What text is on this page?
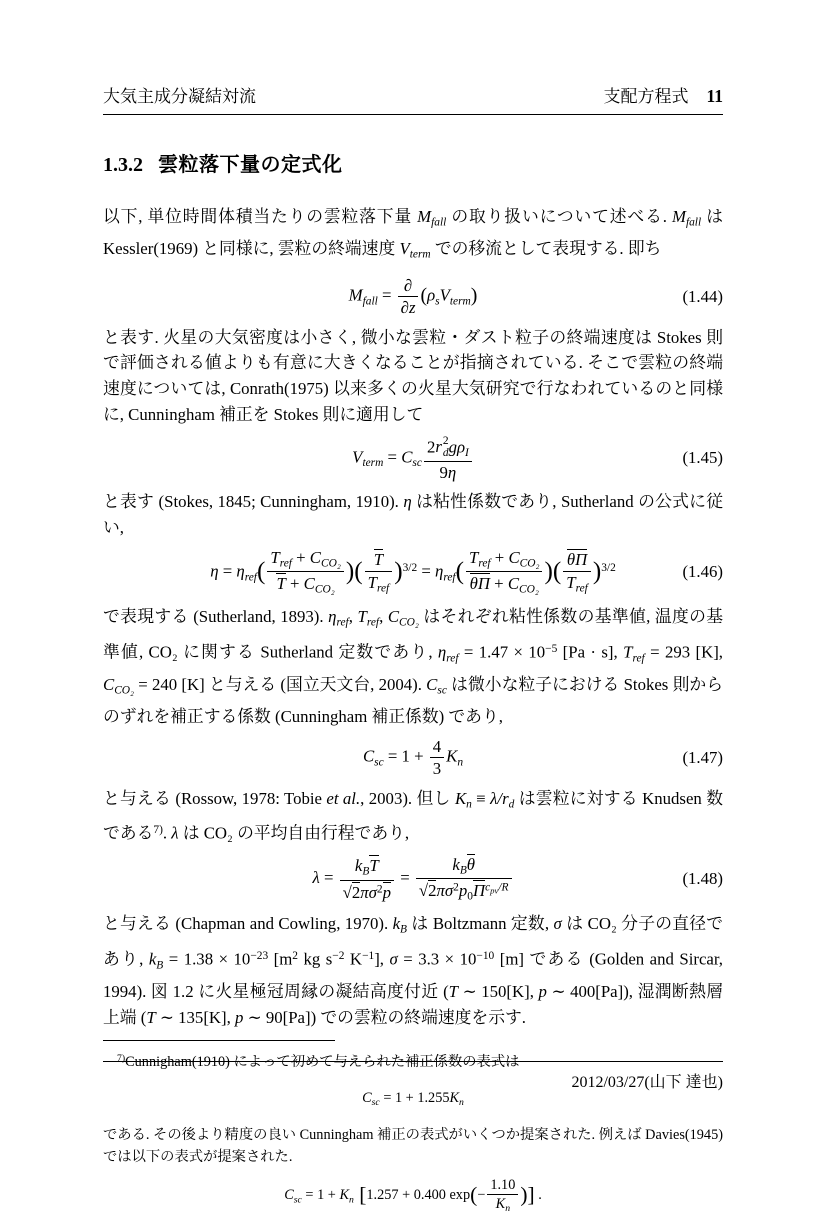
大気主成分凝結対流	支配方程式 11
1.3.2 雲粒落下量の定式化

以下, 単位時間体積当たりの雲粒落下量 $M_{fall}$ の取り扱いについて述べる. $M_{fall}$ は Kessler(1969) と同様に, 雲粒の終端速度 $V_{term}$ での移流として表現する. 即ち

$M_{fall} = \frac{\partial}{\partial z} (\rho_sV_{term})$	(1.44)

と表す. 火星の大気密度は小さく, 微小な雲粒・ダスト粒子の終端速度は Stokes 則で評価される値よりも有意に大きくなることが指摘されている. そこで雲粒の終端速度については, Conrath(1975) 以来多くの火星大気研究で行なわれているのと同様に, Cunningham 補正を Stokes 則に適用して

$V_{term} = C_{sc}$ 2 r 2
d $g\rho_I$
9η	(1.45)

と表す (Stokes, 1845; Cunningham, 1910). η は粘性係数であり, Sutherland の公式に従い,

$\eta = \eta_{ref}( \frac{T_{ref} + C_{CO_2}}{T + C_{CO_2}}$ )( $\frac{T}{T_{ref}} )^{3/2} = \eta_{ref}( \frac{T_{ref} + C_{CO_2}}{\theta\Pi + C_{CO_2}}$ )( $\frac{\theta\Pi}{T_{ref}} )^{3/2}$	(1.46)

で表現する (Sutherland, 1893). $\eta_{ref}$, $T_{ref}$, $C_{CO_2}$ はそれぞれ粘性係数の基準値, 温度の基準値, CO₂ に関する Sutherland 定数であり, $\eta_{ref} = 1.47 \times 10^{-5}$ [Pa · s], $T_{ref} = 293$ [K], $C_{CO_2} = 240$ [K] と与える (国立天文台, 2004). $C_{sc}$ は微小な粒子における Stokes 則からのずれを補正する係数 (Cunningham 補正係数) であり,

$C_{sc} = 1 + \frac{4}{3} K_n$	(1.47)

と与える (Rossow, 1978: Tobie et al., 2003). 但し $K_n \equiv \lambda/r_d$ は雲粒に対する Knudsen 数である$^{7)}$. λ は CO₂ の平均自由行程であり,

$\lambda = \frac{k_BT}{√2\pi\sigma^2p} = \frac{k_B\theta}{√2\pi\sigma^2p_0\Pi^cpv^{/R}}$	(1.48)

と与える (Chapman and Cowling, 1970). $k_B$ は Boltzmann 定数, σ は CO₂ 分子の直径であり, $k_B = 1.38 \times 10^{-23}$ [$m^2$ kg $s^{-2}$ $K^{-1}$], $\sigma = 3.3 \times 10^{-10}$ [m] である (Golden and Sircar, 1994). 図 1.2 に火星極冠周縁の凝結高度付近 (T ∼ 150[K], p ∼ 400[Pa]), 湿潤断熱層上端 (T ∼ 135[K], p ∼ 90[Pa]) での雲粒の終端速度を示す.

$^{7)}$Cunnigham(1910) によって初めて与えられた補正係数の表式は

$C_{sc} = 1 + 1.255K_n$

である. その後より精度の良い Cunningham 補正の表式がいくつか提案された. 例えば Davies(1945) では以下の表式が提案された.

$C_{sc} = 1 + K_n$ [1.257 + 0.400 $\exp(- \frac{1.10}{K_n}$ )] .
2012/03/27(山下 達也)
